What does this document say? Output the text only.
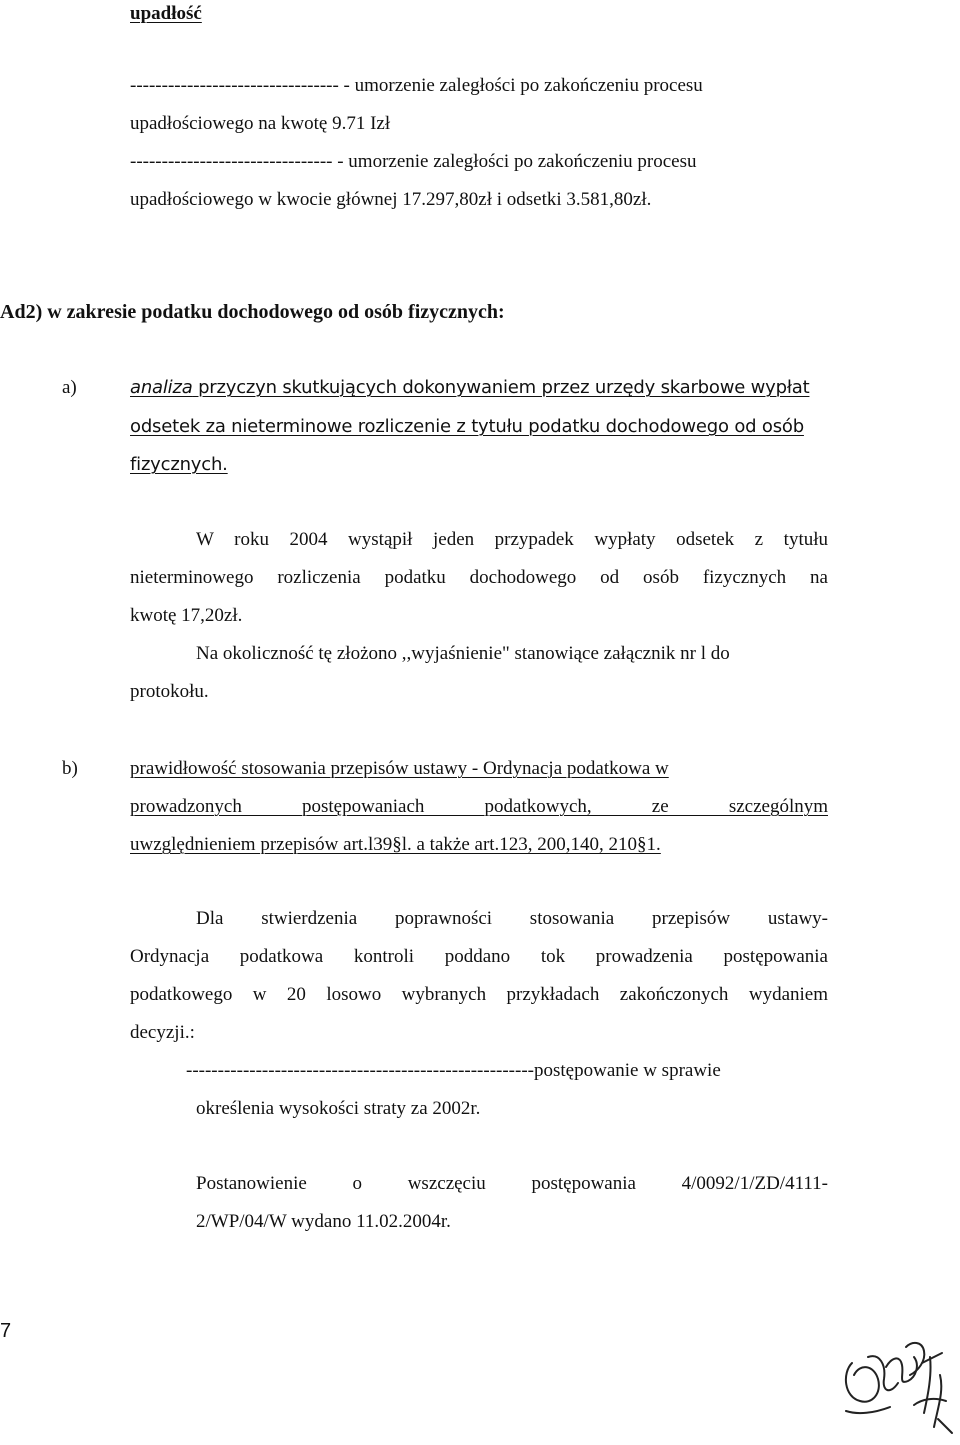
upadłość
--------------------------------- - umorzenie zaległości po zakończeniu procesu
upadłościowego na kwotę 9.71 Izł
-------------------------------- - umorzenie zaległości po zakończeniu procesu
upadłościowego w kwocie głównej 17.297,80zł i odsetki 3.581,80zł.
Ad2) w zakresie podatku dochodowego od osób fizycznych:
a)	analiza przyczyn skutkujących dokonywaniem przez urzędy skarbowe wypłat
odsetek za nieterminowe rozliczenie z tytułu podatku dochodowego od osób
fizycznych.
W roku 2004 wystąpił jeden przypadek wypłaty odsetek z tytułu
nieterminowego rozliczenia podatku dochodowego od osób fizycznych na
kwotę 17,20zł.
Na okoliczność tę złożono ,,wyjaśnienie" stanowiące załącznik nr l do
protokołu.
b)	prawidłowość stosowania przepisów ustawy - Ordynacja podatkowa w
prowadzonych postępowaniach podatkowych, ze szczególnym
uwzględnieniem przepisów art.l39§l. a także art.123, 200,140, 210§1.
Dla stwierdzenia poprawności stosowania przepisów ustawy-
Ordynacja podatkowa kontroli poddano tok prowadzenia postępowania
podatkowego w 20 losowo wybranych przykładach zakończonych wydaniem
decyzji.:
-------------------------------------------------------postępowanie w sprawie
określenia wysokości straty za 2002r.
Postanowienie o wszczęciu postępowania 4/0092/1/ZD/4111-
2/WP/04/W wydano 11.02.2004r.
7
